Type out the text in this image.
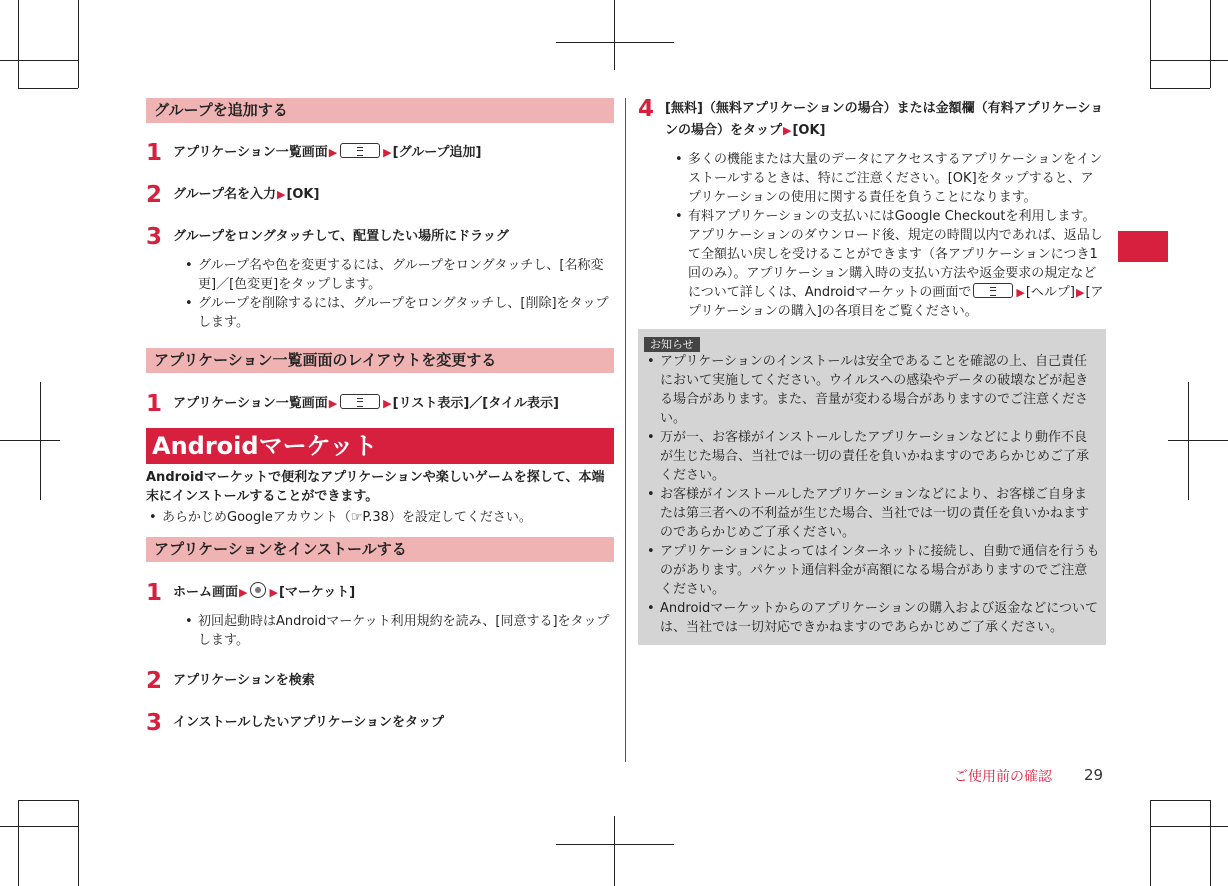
グループを追加する
1 アプリケーション一覧画面▶	▶[グループ追加]
2 グループ名を入力▶[OK]
3 グループをロングタッチして、配置したい場所にドラッグ
• グループ名や色を変更するには、グループをロングタッチし、[名称変更]／[色変更]をタップします。
• グループを削除するには、グループをロングタッチし、[削除]をタップします。
アプリケーション一覧画面のレイアウトを変更する
1 アプリケーション一覧画面▶	▶[リスト表示]／[タイル表示]
Androidマーケット
Androidマーケットで便利なアプリケーションや楽しいゲームを探して、本端末にインストールすることができます。
• あらかじめGoogleアカウント（☞P.38）を設定してください。
アプリケーションをインストールする
1 ホーム画面▶ ▶[マーケット]
• 初回起動時はAndroidマーケット利用規約を読み、[同意する]をタップします。
2 アプリケーションを検索
3 インストールしたいアプリケーションをタップ
4 [無料]（無料アプリケーションの場合）または金額欄（有料アプリケーションの場合）をタップ▶[OK]
• 多くの機能または大量のデータにアクセスするアプリケーションをインストールするときは、特にご注意ください。[OK]をタップすると、アプリケーションの使用に関する責任を負うことになります。
• 有料アプリケーションの支払いにはGoogle Checkoutを利用します。アプリケーションのダウンロード後、規定の時間以内であれば、返品して全額払い戻しを受けることができます（各アプリケーションにつき1回のみ）。アプリケーション購入時の支払い方法や返金要求の規定などについて詳しくは、Androidマーケットの画面で	▶[ヘルプ]▶[アプリケーションの購入]の各項目をご覧ください。
お知らせ
• アプリケーションのインストールは安全であることを確認の上、自己責任において実施してください。ウイルスへの感染やデータの破壊などが起きる場合があります。また、音量が変わる場合がありますのでご注意ください。
• 万が一、お客様がインストールしたアプリケーションなどにより動作不良が生じた場合、当社では一切の責任を負いかねますのであらかじめご了承ください。
• お客様がインストールしたアプリケーションなどにより、お客様ご自身または第三者への不利益が生じた場合、当社では一切の責任を負いかねますのであらかじめご了承ください。
• アプリケーションによってはインターネットに接続し、自動で通信を行うものがあります。パケット通信料金が高額になる場合がありますのでご注意ください。
• Androidマーケットからのアプリケーションの購入および返金などについては、当社では一切対応できかねますのであらかじめご了承ください。
ご使用前の確認 29
